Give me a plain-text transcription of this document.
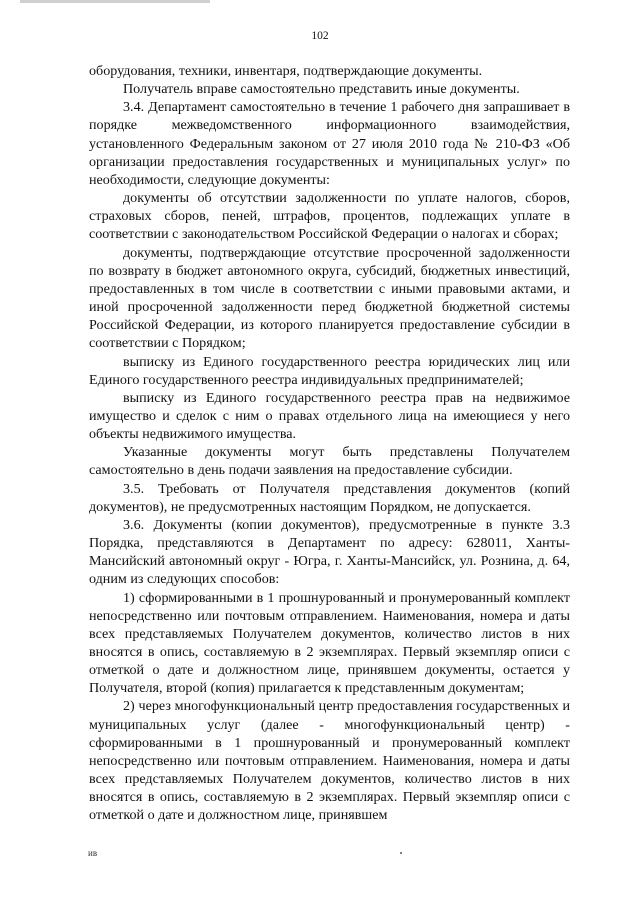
102

оборудования, техники, инвентаря, подтверждающие документы.

Получатель вправе самостоятельно представить иные документы.

3.4. Департамент самостоятельно в течение 1 рабочего дня запрашивает в порядке межведомственного информационного взаимодействия, установленного Федеральным законом от 27 июля 2010 года № 210-ФЗ «Об организации предоставления государственных и муниципальных услуг» по необходимости, следующие документы:

документы об отсутствии задолженности по уплате налогов, сборов, страховых сборов, пеней, штрафов, процентов, подлежащих уплате в соответствии с законодательством Российской Федерации о налогах и сборах;

документы, подтверждающие отсутствие просроченной задолженности по возврату в бюджет автономного округа, субсидий, бюджетных инвестиций, предоставленных в том числе в соответствии с иными правовыми актами, и иной просроченной задолженности перед бюджетной бюджетной системы Российской Федерации, из которого планируется предоставление субсидии в соответствии с Порядком;

выписку из Единого государственного реестра юридических лиц или Единого государственного реестра индивидуальных предпринимателей;

выписку из Единого государственного реестра прав на недвижимое имущество и сделок с ним о правах отдельного лица на имеющиеся у него объекты недвижимого имущества.

Указанные документы могут быть представлены Получателем самостоятельно в день подачи заявления на предоставление субсидии.

3.5. Требовать от Получателя представления документов (копий документов), не предусмотренных настоящим Порядком, не допускается.

3.6. Документы (копии документов), предусмотренные в пункте 3.3 Порядка, представляются в Департамент по адресу: 628011, Ханты-Мансийский автономный округ - Югра, г. Ханты-Мансийск, ул. Рознина, д. 64, одним из следующих способов:

1) сформированными в 1 прошнурованный и пронумерованный комплект непосредственно или почтовым отправлением. Наименования, номера и даты всех представляемых Получателем документов, количество листов в них вносятся в опись, составляемую в 2 экземплярах. Первый экземпляр описи с отметкой о дате и должностном лице, принявшем документы, остается у Получателя, второй (копия) прилагается к представленным документам;

2) через многофункциональный центр предоставления государственных и муниципальных услуг (далее - многофункциональный центр) - сформированными в 1 прошнурованный и пронумерованный комплект непосредственно или почтовым отправлением. Наименования, номера и даты всех представляемых Получателем документов, количество листов в них вносятся в опись, составляемую в 2 экземплярах. Первый экземпляр описи с отметкой о дате и должностном лице, принявшем

ив
